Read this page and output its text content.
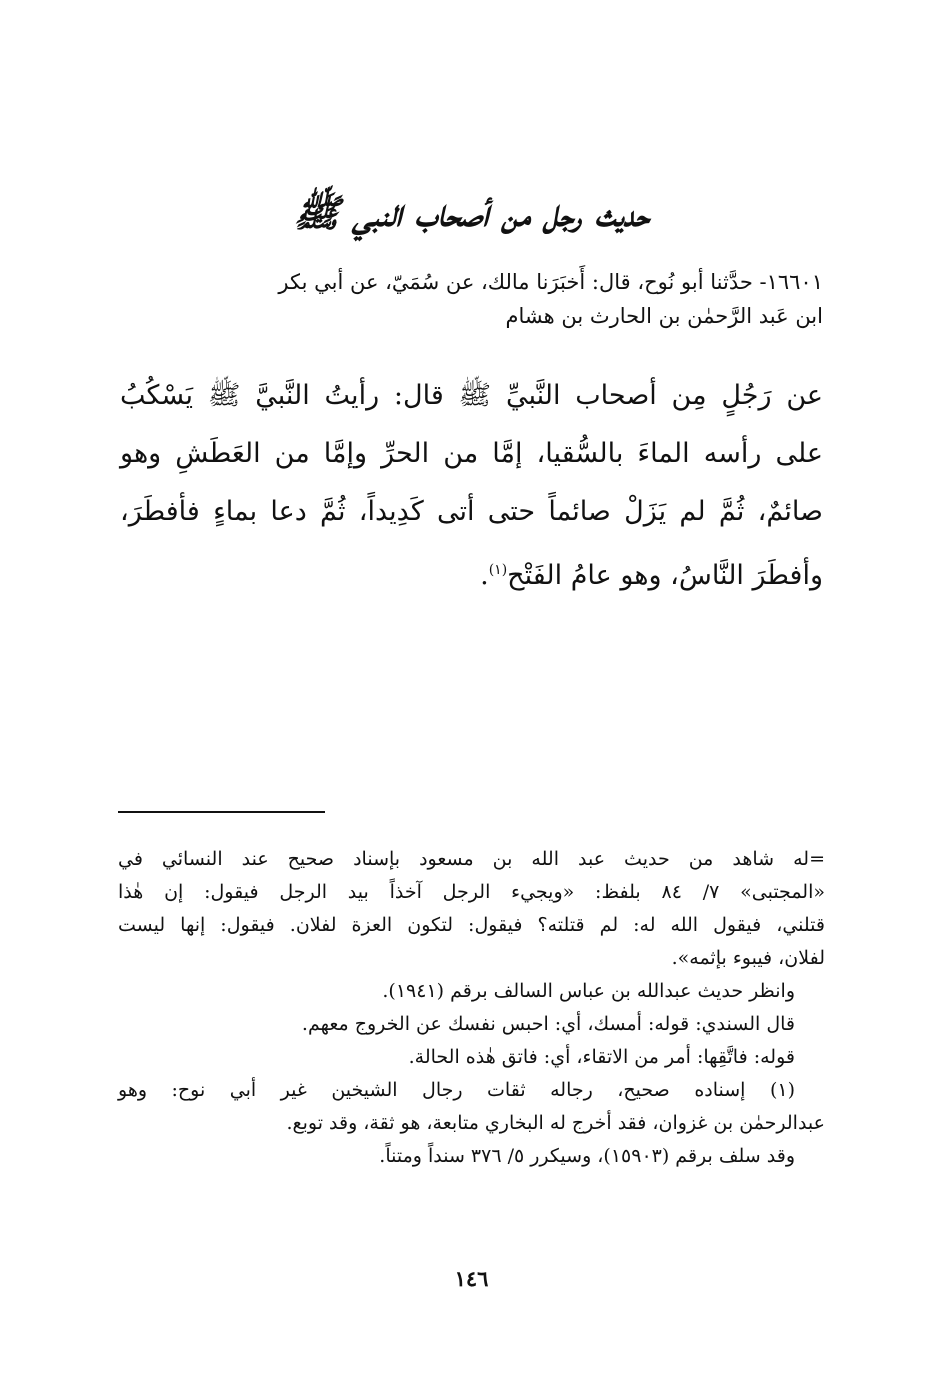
حديث رجل من أصحاب النبي ﷺ
١٦٦٠١- حدَّثنا أبو نُوح، قال: أَخبَرَنا مالك، عن سُمَيّ، عن أبي بكر
ابن عَبد الرَّحمٰن بن الحارث بن هشام
عن رَجُلٍ مِن أصحاب النَّبيِّ ﷺ قال: رأيتُ النَّبيَّ ﷺ يَسْكُبُ
على رأسه الماءَ بالسُّقيا، إمَّا من الحرِّ وإمَّا من العَطَشِ وهو
صائمٌ، ثُمَّ لم يَزَلْ صائماً حتى أتى كَدِيداً، ثُمَّ دعا بماءٍ فأفطَرَ،
وأفطَرَ النَّاسُ، وهو عامُ الفَتْح$^{(١)}$.
=له شاهد من حديث عبد الله بن مسعود بإسناد صحيح عند النسائي في
«المجتبى» ٧/ ٨٤ بلفظ: «ويجيء الرجل آخذاً بيد الرجل فيقول: إن هٰذا
قتلني، فيقول الله له: لم قتلته؟ فيقول: لتكون العزة لفلان. فيقول: إنها ليست
لفلان، فيبوء بإثمه».
وانظر حديث عبدالله بن عباس السالف برقم (١٩٤١).
قال السندي: قوله: أمسك، أي: احبس نفسك عن الخروج معهم.
قوله: فاتَّقِها: أمر من الاتقاء، أي: فاتق هٰذه الحالة.
(١) إسناده صحيح، رجاله ثقات رجال الشيخين غير أبي نوح: وهو
عبدالرحمٰن بن غزوان، فقد أخرج له البخاري متابعة، هو ثقة، وقد توبع.
وقد سلف برقم (١٥٩٠٣)، وسيكرر ٥/ ٣٧٦ سنداً ومتناً.
١٤٦
